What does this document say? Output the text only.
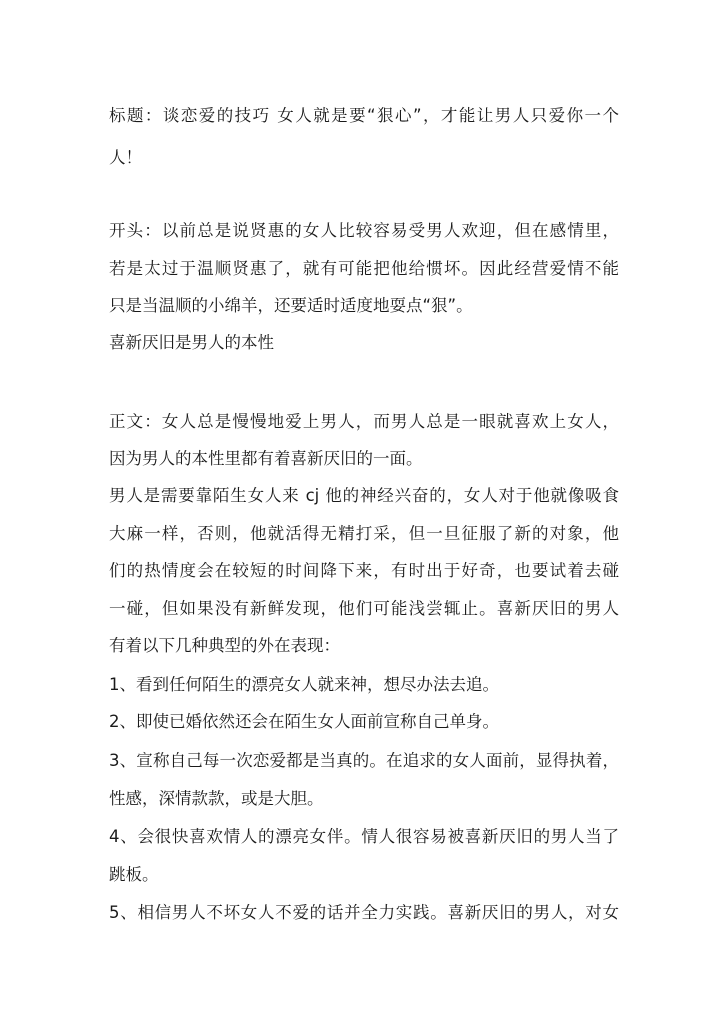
标题：谈恋爱的技巧 女人就是要“狠心”，才能让男人只爱你一个
人！
开头：以前总是说贤惠的女人比较容易受男人欢迎，但在感情里，
若是太过于温顺贤惠了，就有可能把他给惯坏。因此经营爱情不能
只是当温顺的小绵羊，还要适时适度地耍点“狠”。
喜新厌旧是男人的本性
正文：女人总是慢慢地爱上男人，而男人总是一眼就喜欢上女人，
因为男人的本性里都有着喜新厌旧的一面。
男人是需要靠陌生女人来 cj 他的神经兴奋的，女人对于他就像吸食
大麻一样，否则，他就活得无精打采，但一旦征服了新的对象，他
们的热情度会在较短的时间降下来，有时出于好奇，也要试着去碰
一碰，但如果没有新鲜发现，他们可能浅尝辄止。喜新厌旧的男人
有着以下几种典型的外在表现：
1、看到任何陌生的漂亮女人就来神，想尽办法去追。
2、即使已婚依然还会在陌生女人面前宣称自己单身。
3、宣称自己每一次恋爱都是当真的。在追求的女人面前，显得执着，
性感，深情款款，或是大胆。
4、会很快喜欢情人的漂亮女伴。情人很容易被喜新厌旧的男人当了
跳板。
5、相信男人不坏女人不爱的话并全力实践。喜新厌旧的男人，对女
